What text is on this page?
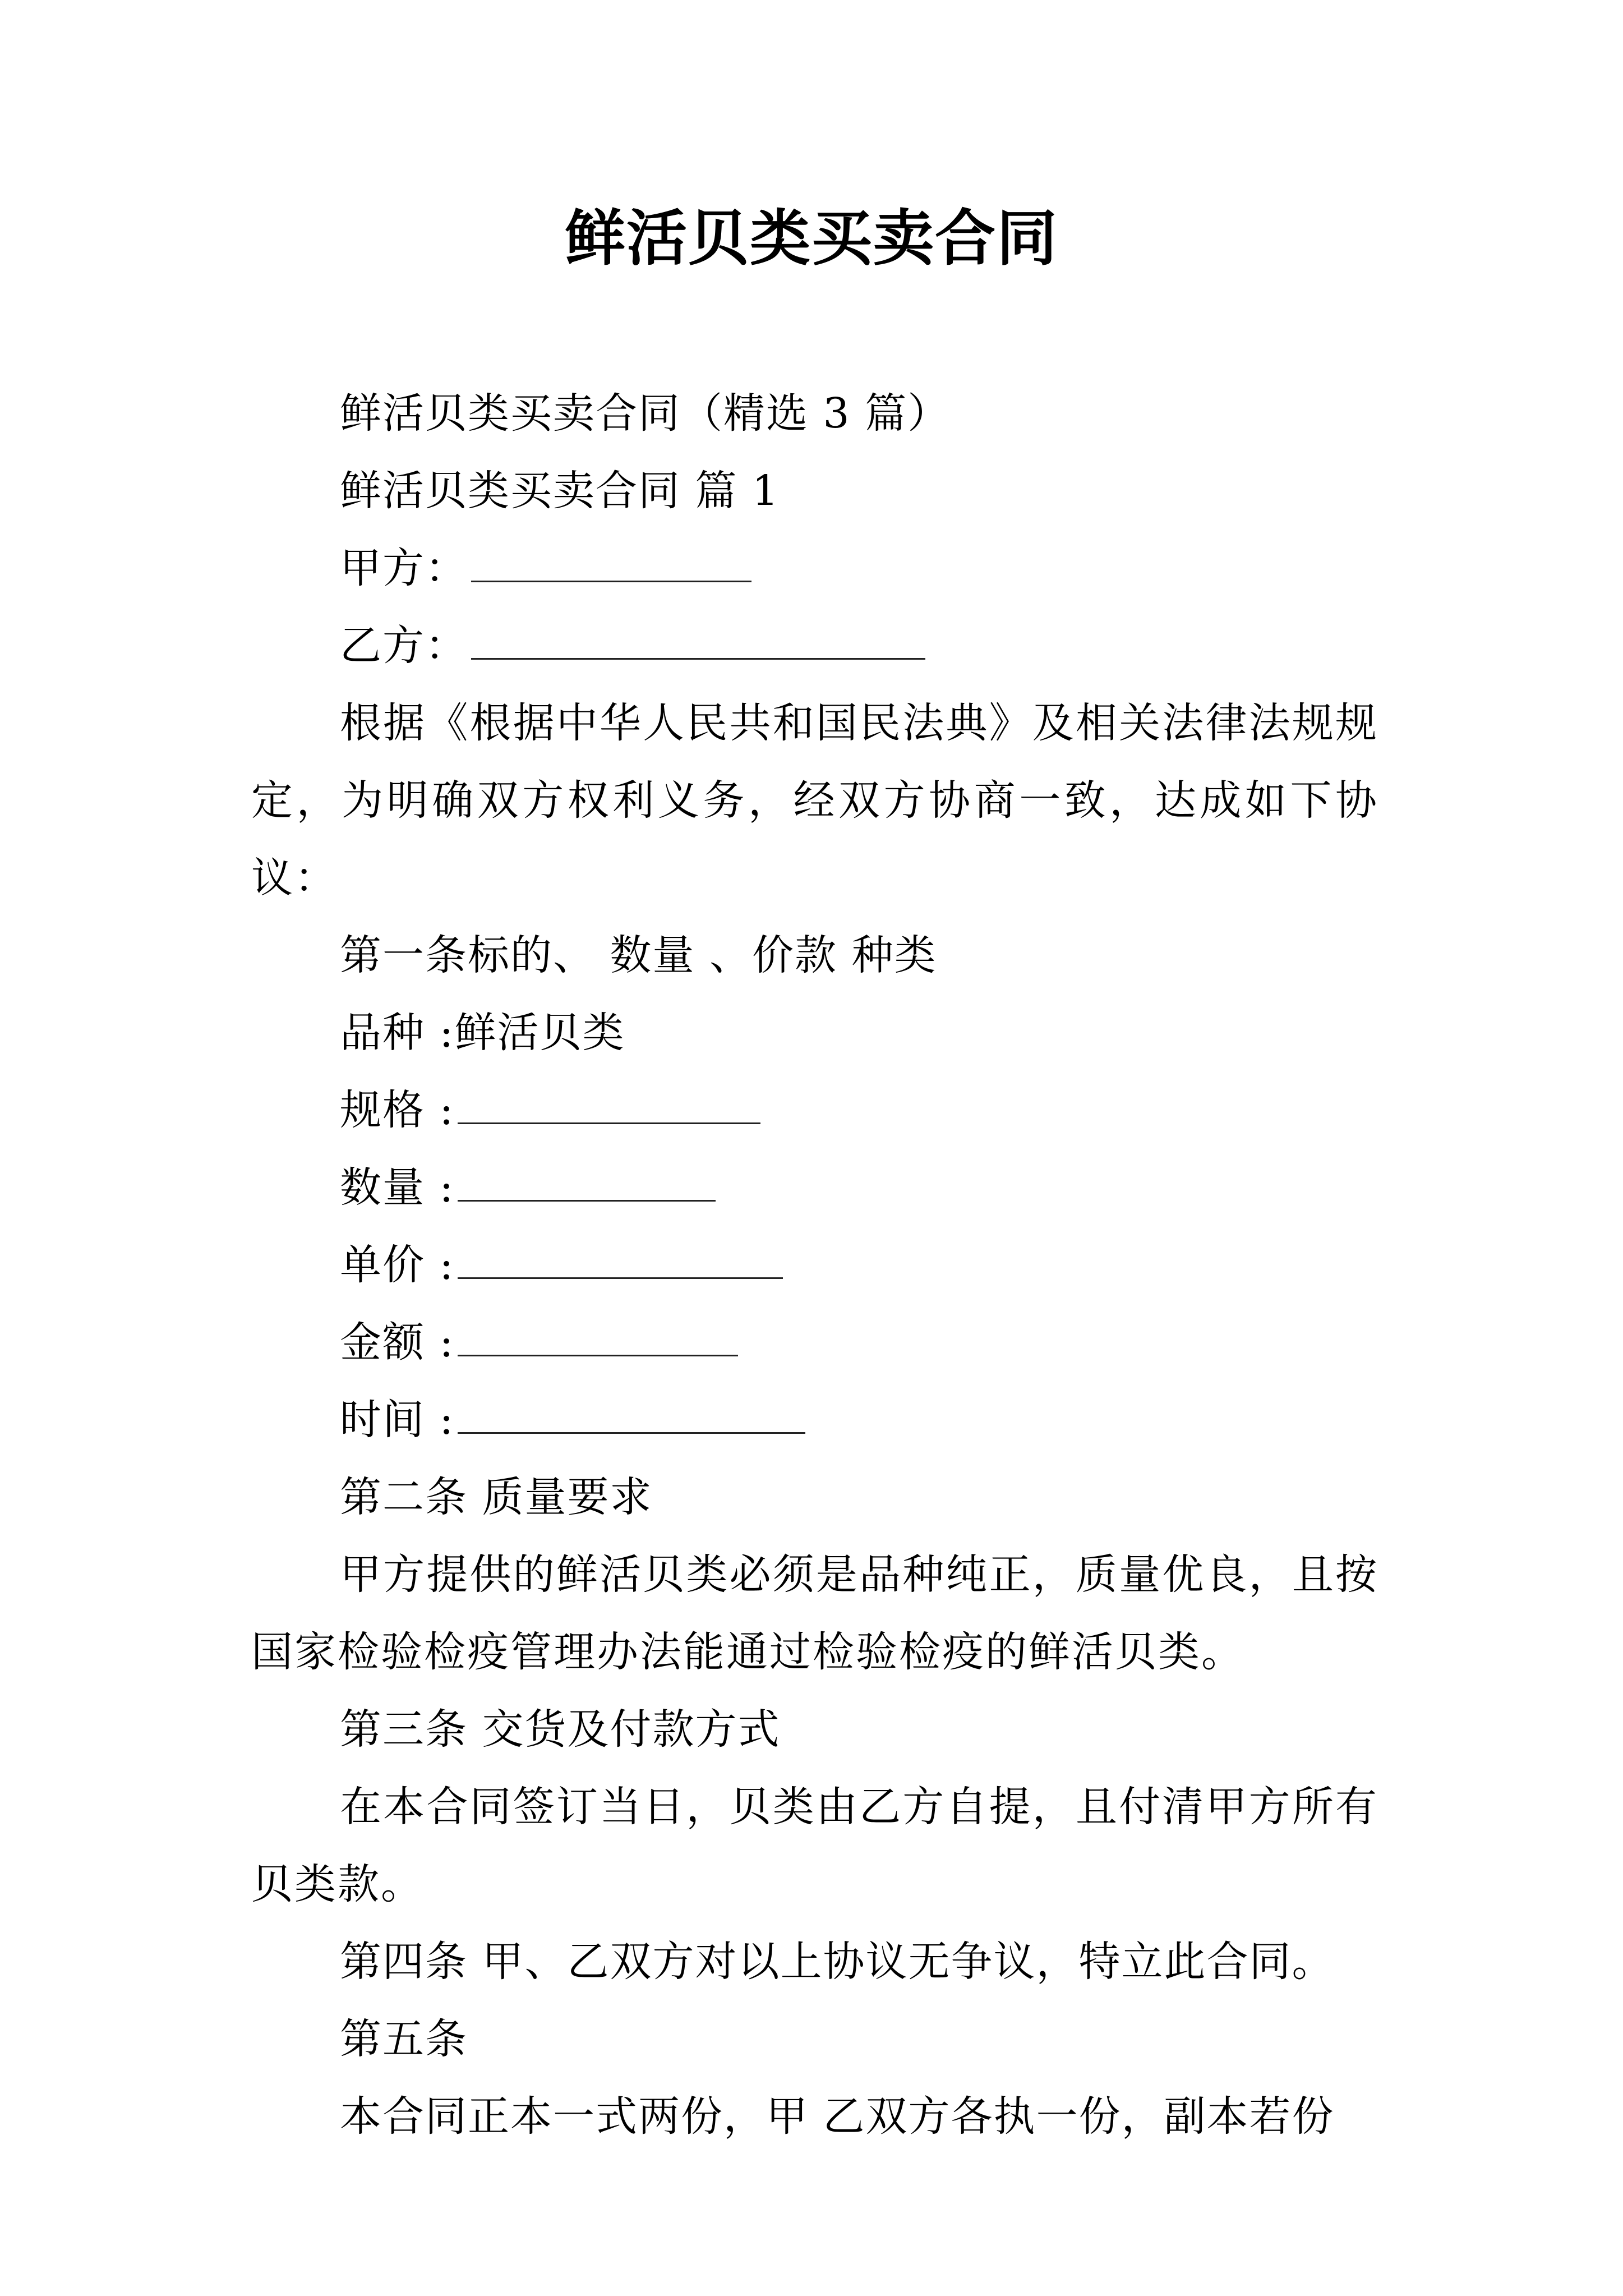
鲜活贝类买卖合同
鲜活贝类买卖合同（精选 3 篇）
鲜活贝类买卖合同 篇 1
甲方：
乙方：
根据《根据中华人民共和国民法典》及相关法律法规规定，为明确双方权利义务，经双方协商一致，达成如下协议：
第一条标的、 数量 、价款 种类
品种 :鲜活贝类
规格 :
数量 :
单价 :
金额 :
时间 :
第二条 质量要求
甲方提供的鲜活贝类必须是品种纯正，质量优良，且按国家检验检疫管理办法能通过检验检疫的鲜活贝类。
第三条 交货及付款方式
在本合同签订当日，贝类由乙方自提，且付清甲方所有贝类款。
第四条 甲、乙双方对以上协议无争议，特立此合同。
第五条
本合同正本一式两份，甲 乙双方各执一份，副本若份
